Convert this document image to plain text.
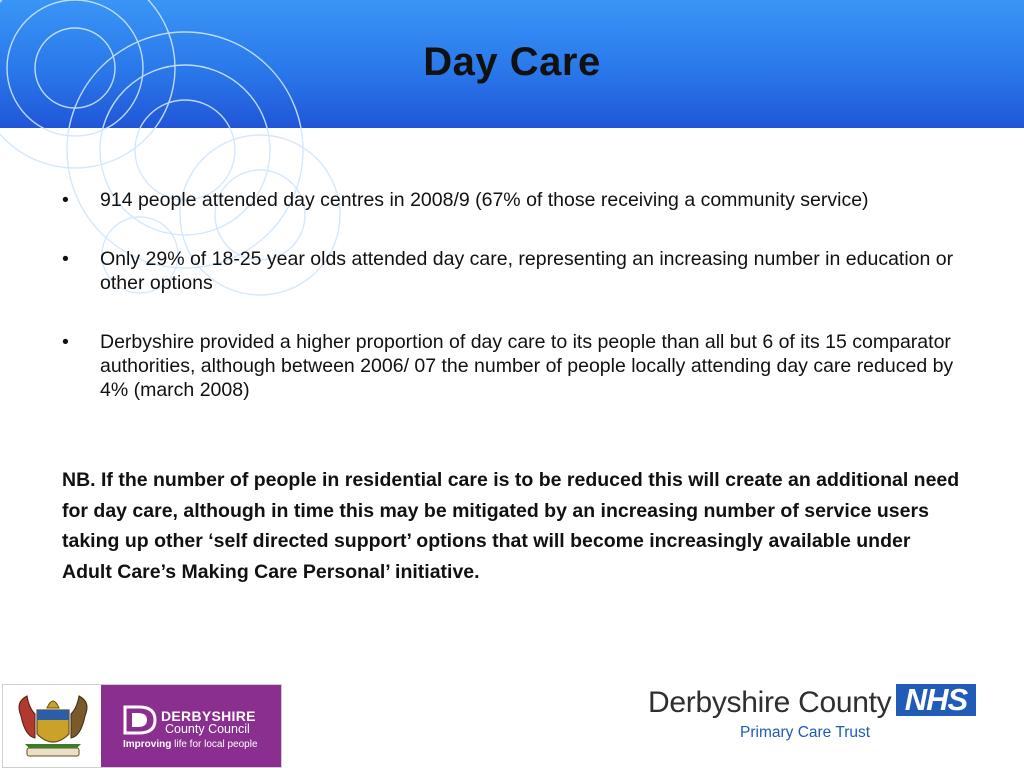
Day Care
• 914 people attended day centres in 2008/9 (67% of those receiving a community service)
• Only 29% of 18-25 year olds attended day care, representing an increasing number in education or other options
• Derbyshire provided a higher proportion of day care to its people than all but 6 of its 15 comparator authorities, although between 2006/ 07 the number of people locally attending day care reduced by 4% (march 2008)
NB. If the number of people in residential care is to be reduced this will create an additional need for day care, although in time this may be mitigated by an increasing number of service users taking up other ‘self directed support’ options that will become increasingly available under Adult Care’s Making Care Personal’ initiative.
DERBYSHIRE
County Council
Improving life for local people
Derbyshire County NHS
Primary Care Trust
